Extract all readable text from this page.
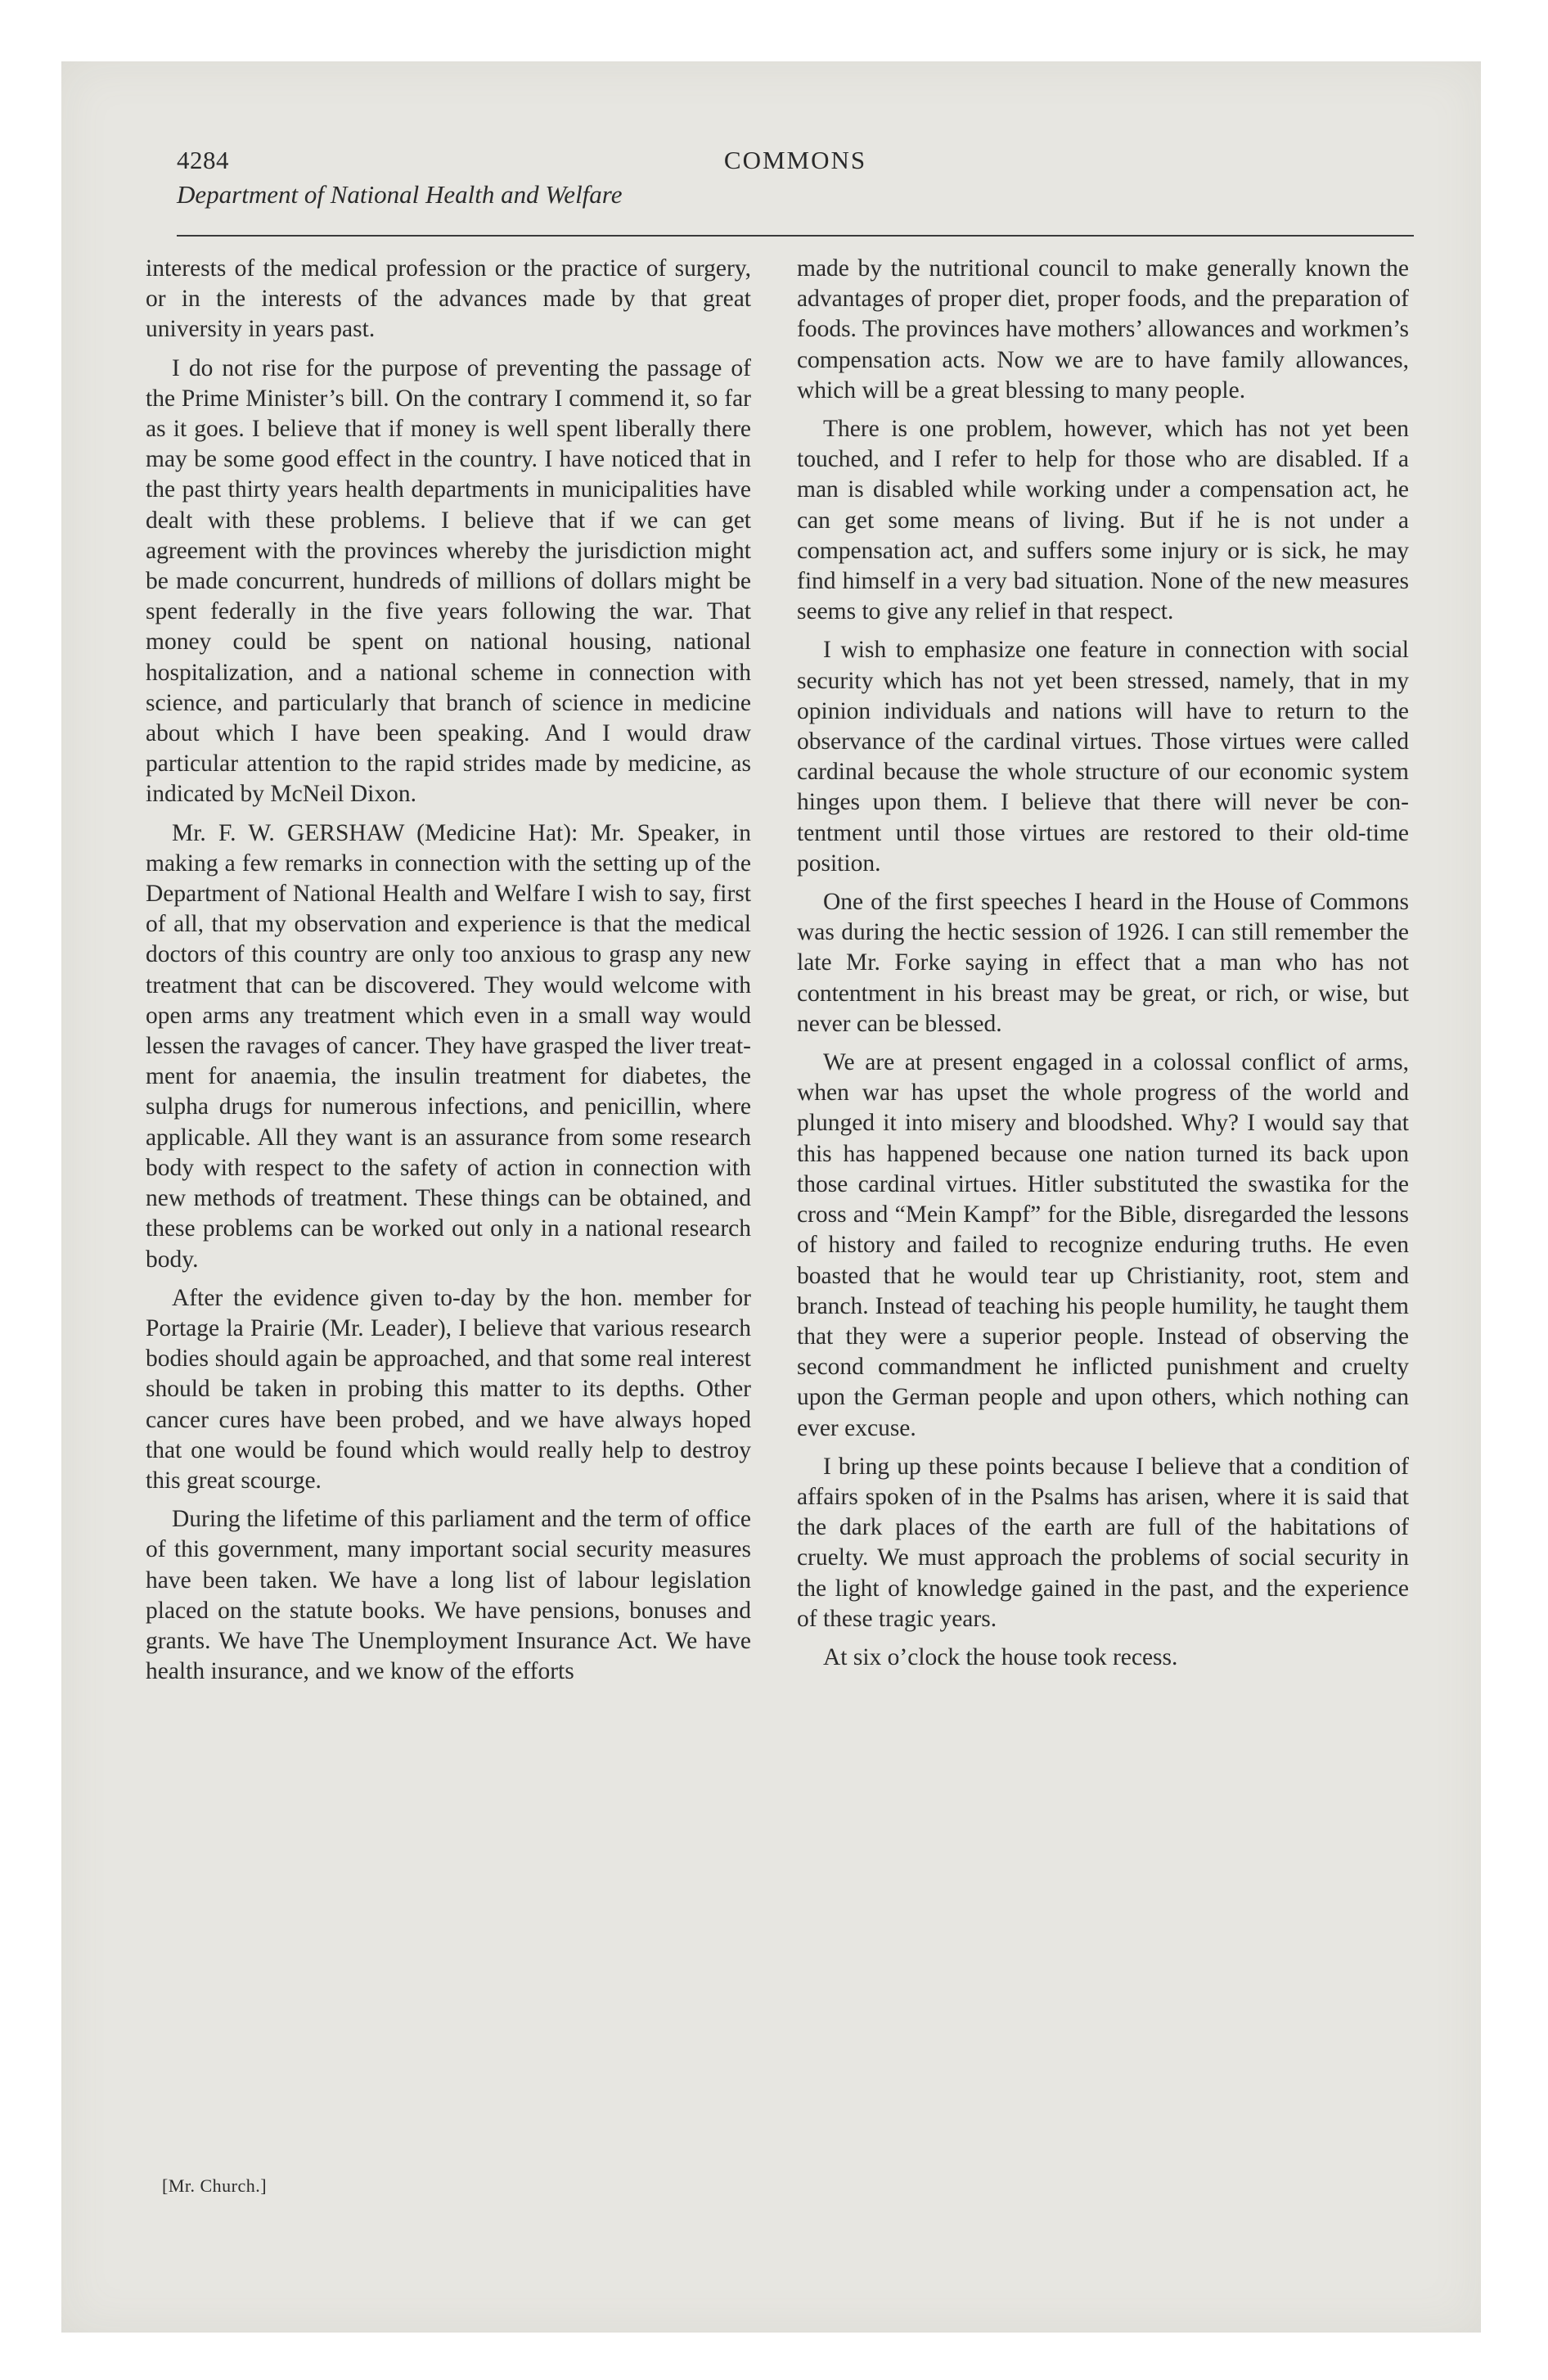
4284	COMMONS
Department of National Health and Welfare

interests of the medical profession or the practice of surgery, or in the interests of the advances made by that great university in years past.

I do not rise for the purpose of preventing the passage of the Prime Minister’s bill. On the contrary I commend it, so far as it goes. I believe that if money is well spent liberally there may be some good effect in the country. I have noticed that in the past thirty years health departments in municipalities have dealt with these problems. I believe that if we can get agreement with the provinces whereby the jurisdiction might be made concurrent, hundreds of millions of dollars might be spent federally in the five years following the war. That money could be spent on national housing, national hospitalization, and a national scheme in connection with science, and particularly that branch of science in medicine about which I have been speaking. And I would draw particular attention to the rapid strides made by medicine, as indicated by McNeil Dixon.

Mr. F. W. GERSHAW (Medicine Hat): Mr. Speaker, in making a few remarks in connection with the setting up of the Department of National Health and Welfare I wish to say, first of all, that my observation and experience is that the medical doctors of this country are only too anxious to grasp any new treatment that can be discovered. They would welcome with open arms any treatment which even in a small way would lessen the ravages of cancer. They have grasped the liver treatment for anaemia, the insulin treatment for diabetes, the sulpha drugs for numerous infections, and penicillin, where applicable. All they want is an assurance from some research body with respect to the safety of action in connection with new methods of treatment. These things can be obtained, and these problems can be worked out only in a national research body.

After the evidence given to-day by the hon. member for Portage la Prairie (Mr. Leader), I believe that various research bodies should again be approached, and that some real interest should be taken in probing this matter to its depths. Other cancer cures have been probed, and we have always hoped that one would be found which would really help to destroy this great scourge.

During the lifetime of this parliament and the term of office of this government, many important social security measures have been taken. We have a long list of labour legislation placed on the statute books. We have pensions, bonuses and grants. We have The Unemployment Insurance Act. We have health insurance, and we know of the efforts

made by the nutritional council to make generally known the advantages of proper diet, proper foods, and the preparation of foods. The provinces have mothers’ allowances and workmen’s compensation acts. Now we are to have family allowances, which will be a great blessing to many people.

There is one problem, however, which has not yet been touched, and I refer to help for those who are disabled. If a man is disabled while working under a compensation act, he can get some means of living. But if he is not under a compensation act, and suffers some injury or is sick, he may find himself in a very bad situation. None of the new measures seems to give any relief in that respect.

I wish to emphasize one feature in connection with social security which has not yet been stressed, namely, that in my opinion individuals and nations will have to return to the observance of the cardinal virtues. Those virtues were called cardinal because the whole structure of our economic system hinges upon them. I believe that there will never be contentment until those virtues are restored to their old-time position.

One of the first speeches I heard in the House of Commons was during the hectic session of 1926. I can still remember the late Mr. Forke saying in effect that a man who has not contentment in his breast may be great, or rich, or wise, but never can be blessed.

We are at present engaged in a colossal conflict of arms, when war has upset the whole progress of the world and plunged it into misery and bloodshed. Why? I would say that this has happened because one nation turned its back upon those cardinal virtues. Hitler substituted the swastika for the cross and “Mein Kampf” for the Bible, disregarded the lessons of history and failed to recognize enduring truths. He even boasted that he would tear up Christianity, root, stem and branch. Instead of teaching his people humility, he taught them that they were a superior people. Instead of observing the second commandment he inflicted punishment and cruelty upon the German people and upon others, which nothing can ever excuse.

I bring up these points because I believe that a condition of affairs spoken of in the Psalms has arisen, where it is said that the dark places of the earth are full of the habitations of cruelty. We must approach the problems of social security in the light of knowledge gained in the past, and the experience of these tragic years.

At six o’clock the house took recess.

[Mr. Church.]
